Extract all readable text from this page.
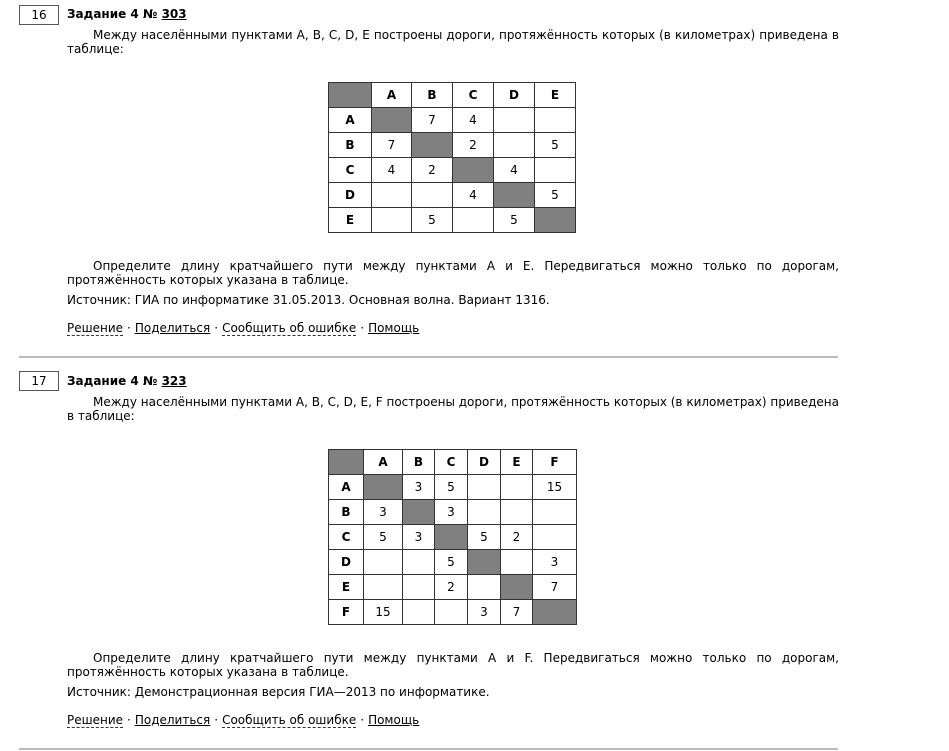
16	Задание 4 № 303
Между населёнными пунктами A, B, C, D, E построены дороги, протяжённость которых (в километрах) приведена в таблице:
	A	B	C	D	E
A		7	4		
B	7		2		5
C	4	2		4	
D			4		5
E		5		5	
Определите длину кратчайшего пути между пунктами A и E. Передвигаться можно только по дорогам, протяжённость которых указана в таблице.
Источник: ГИА по информатике 31.05.2013. Основная волна. Вариант 1316.
Решение · Поделиться · Сообщить об ошибке · Помощь
17	Задание 4 № 323
Между населёнными пунктами A, B, C, D, E, F построены дороги, протяжённость которых (в километрах) приведена в таблице:
	A	B	C	D	E	F
A		3	5			15
B	3		3			
C	5	3		5	2	
D			5			3
E			2			7
F	15			3	7	
Определите длину кратчайшего пути между пунктами A и F. Передвигаться можно только по дорогам, протяжённость которых указана в таблице.
Источник: Демонстрационная версия ГИА—2013 по информатике.
Решение · Поделиться · Сообщить об ошибке · Помощь
